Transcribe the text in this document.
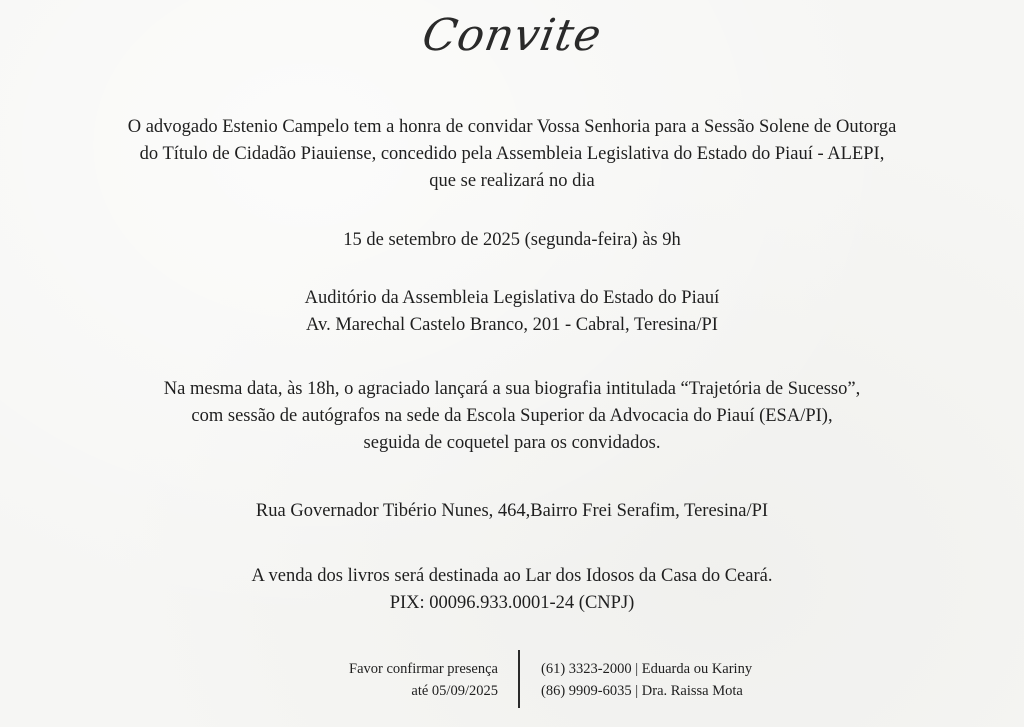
Convite
O advogado Estenio Campelo tem a honra de convidar Vossa Senhoria para a Sessão Solene de Outorga
do Título de Cidadão Piauiense, concedido pela Assembleia Legislativa do Estado do Piauí - ALEPI,
que se realizará no dia
15 de setembro de 2025 (segunda-feira) às 9h
Auditório da Assembleia Legislativa do Estado do Piauí
Av. Marechal Castelo Branco, 201 - Cabral, Teresina/PI
Na mesma data, às 18h, o agraciado lançará a sua biografia intitulada “Trajetória de Sucesso”,
com sessão de autógrafos na sede da Escola Superior da Advocacia do Piauí (ESA/PI),
seguida de coquetel para os convidados.
Rua Governador Tibério Nunes, 464,Bairro Frei Serafim, Teresina/PI
A venda dos livros será destinada ao Lar dos Idosos da Casa do Ceará.
PIX: 00096.933.0001-24 (CNPJ)
Favor confirmar presença
até 05/09/2025
(61) 3323-2000 | Eduarda ou Kariny
(86) 9909-6035 | Dra. Raissa Mota
